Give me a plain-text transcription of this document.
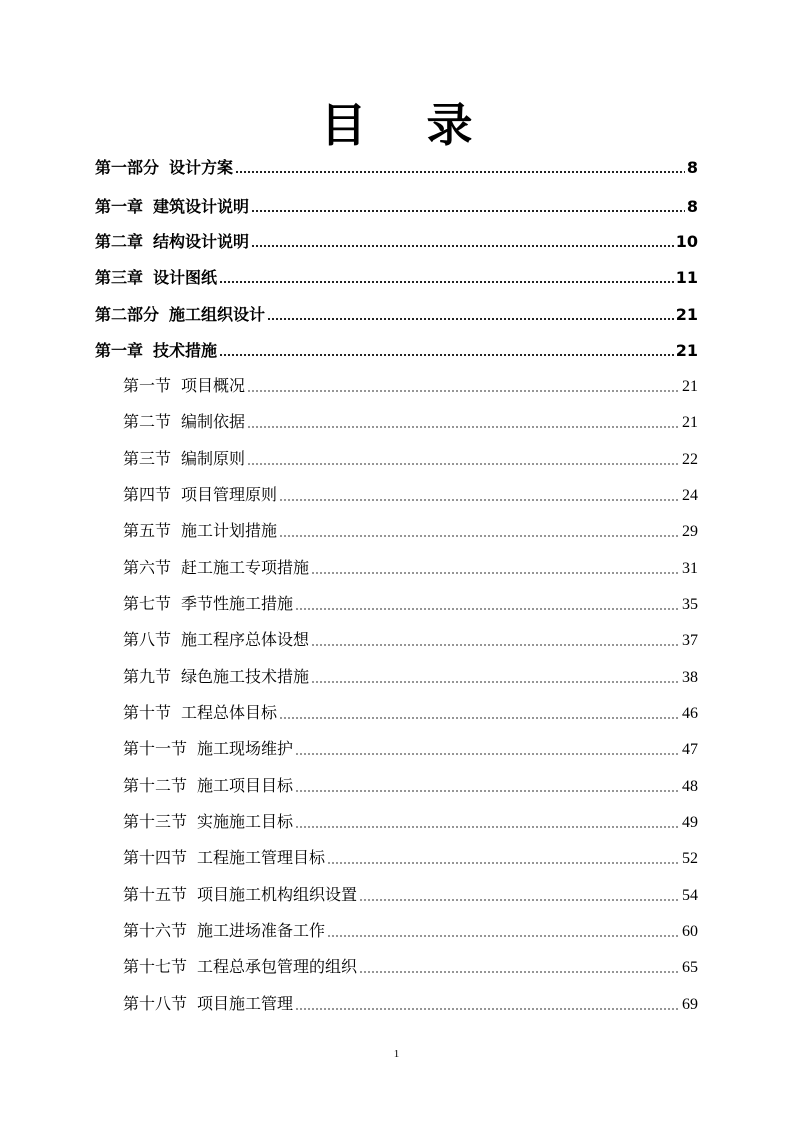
目 录
第一部分 设计方案	8
第一章 建筑设计说明	8
第二章 结构设计说明	10
第三章 设计图纸	11
第二部分 施工组织设计	21
第一章 技术措施	21
第一节 项目概况	21
第二节 编制依据	21
第三节 编制原则	22
第四节 项目管理原则	24
第五节 施工计划措施	29
第六节 赶工施工专项措施	31
第七节 季节性施工措施	35
第八节 施工程序总体设想	37
第九节 绿色施工技术措施	38
第十节 工程总体目标	46
第十一节 施工现场维护	47
第十二节 施工项目目标	48
第十三节 实施施工目标	49
第十四节 工程施工管理目标	52
第十五节 项目施工机构组织设置	54
第十六节 施工进场准备工作	60
第十七节 工程总承包管理的组织	65
第十八节 项目施工管理	69
1
